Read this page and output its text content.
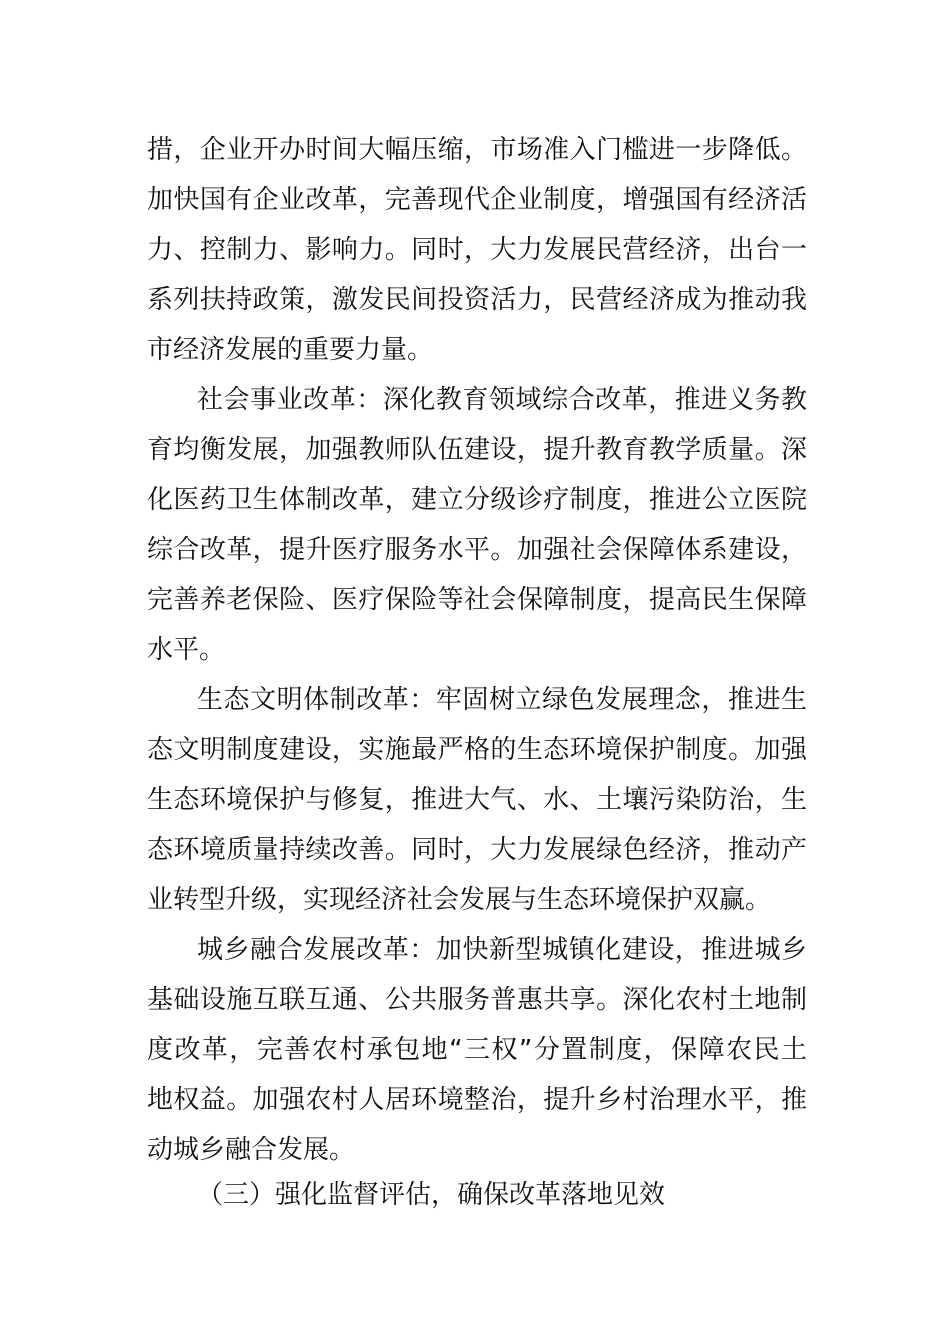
措，企业开办时间大幅压缩，市场准入门槛进一步降低。
加快国有企业改革，完善现代企业制度，增强国有经济活
力、控制力、影响力。同时，大力发展民营经济，出台一
系列扶持政策，激发民间投资活力，民营经济成为推动我
市经济发展的重要力量。
社会事业改革：深化教育领域综合改革，推进义务教
育均衡发展，加强教师队伍建设，提升教育教学质量。深
化医药卫生体制改革，建立分级诊疗制度，推进公立医院
综合改革，提升医疗服务水平。加强社会保障体系建设，
完善养老保险、医疗保险等社会保障制度，提高民生保障
水平。
生态文明体制改革：牢固树立绿色发展理念，推进生
态文明制度建设，实施最严格的生态环境保护制度。加强
生态环境保护与修复，推进大气、水、土壤污染防治，生
态环境质量持续改善。同时，大力发展绿色经济，推动产
业转型升级，实现经济社会发展与生态环境保护双赢。
城乡融合发展改革：加快新型城镇化建设，推进城乡
基础设施互联互通、公共服务普惠共享。深化农村土地制
度改革，完善农村承包地“三权”分置制度，保障农民土
地权益。加强农村人居环境整治，提升乡村治理水平，推
动城乡融合发展。
（三）强化监督评估，确保改革落地见效
